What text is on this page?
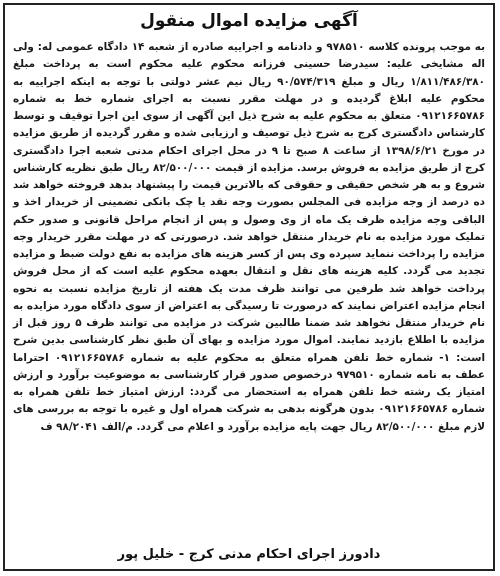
آگهی مزایده اموال منقول

به موجب پرونده کلاسه ۹۷۸۵۱۰ و دادنامه و اجراییه صادره از شعبه ۱۴ دادگاه عمومی له: ولی اله مشایخی علیه: سیدرضا حسینی فرزانه محکوم علیه محکوم است به پرداخت مبلغ ۱/۸۱۱/۴۸۶/۳۸۰ ریال و مبلغ ۹۰/۵۷۴/۳۱۹ ریال نیم عشر دولتی با توجه به اینکه اجراییه به محکوم علیه ابلاغ گردیده و در مهلت مقرر نسبت به اجرای شماره خط به شماره ۰۹۱۲۱۶۶۵۷۸۶ متعلق به محکوم علیه به شرح ذیل این آگهی از سوی این اجرا توقیف و توسط کارشناس دادگستری کرج به شرح ذیل توصیف و ارزیابی شده و مقرر گردیده از طریق مزایده در مورخ ۱۳۹۸/۶/۲۱ از ساعت ۸ صبح تا ۹ در محل اجرای احکام مدنی شعبه اجرا دادگستری کرج از طریق مزایده به فروش برسد. مزایده از قیمت ۸۲/۵۰۰/۰۰۰ ریال طبق نظریه کارشناس شروع و به هر شخص حقیقی و حقوقی که بالاترین قیمت را پیشنهاد بدهد فروخته خواهد شد ده درصد از وجه مزایده فی المجلس بصورت وجه نقد یا چک بانکی تضمینی از خریدار اخذ و الباقی وجه مزایده ظرف یک ماه از وی وصول و پس از انجام مراحل قانونی و صدور حکم تملیک مورد مزایده به نام خریدار منتقل خواهد شد. درصورتی که در مهلت مقرر خریدار وجه مزایده را پرداخت ننماید سپرده وی پس از کسر هزینه های مزایده به نفع دولت ضبط و مزایده تجدید می گردد. کلیه هزینه های نقل و انتقال بعهده محکوم علیه است که از محل فروش پرداخت خواهد شد طرفین می توانند ظرف مدت یک هفته از تاریخ مزایده نسبت به نحوه انجام مزایده اعتراض نمایند که درصورت تا رسیدگی به اعتراض از سوی دادگاه مورد مزایده به نام خریدار منتقل نخواهد شد ضمنا طالبین شرکت در مزایده می توانند ظرف ۵ روز قبل از مزایده با اطلاع بازدید نمایند. اموال مورد مزایده و بهای آن طبق نظر کارشناسی بدین شرح است: ۱- شماره خط تلفن همراه متعلق به محکوم علیه به شماره ۰۹۱۲۱۶۶۵۷۸۶ احتراما عطف به نامه شماره ۹۷۹۵۱۰ درخصوص صدور قرار کارشناسی به موضوعیت برآورد و ارزش امتیاز یک رشته خط تلفن همراه به استحضار می گردد: ارزش امتیاز خط تلفن همراه به شماره ۰۹۱۲۱۶۶۵۷۸۶ بدون هرگونه بدهی به شرکت همراه اول و غیره با توجه به بررسی های لازم مبلغ ۸۲/۵۰۰/۰۰۰ ریال جهت پایه مزایده برآورد و اعلام می گردد. م/الف ۹۸/۲۰۴۱ ف

دادورز اجرای احکام مدنی کرج - خلیل پور
